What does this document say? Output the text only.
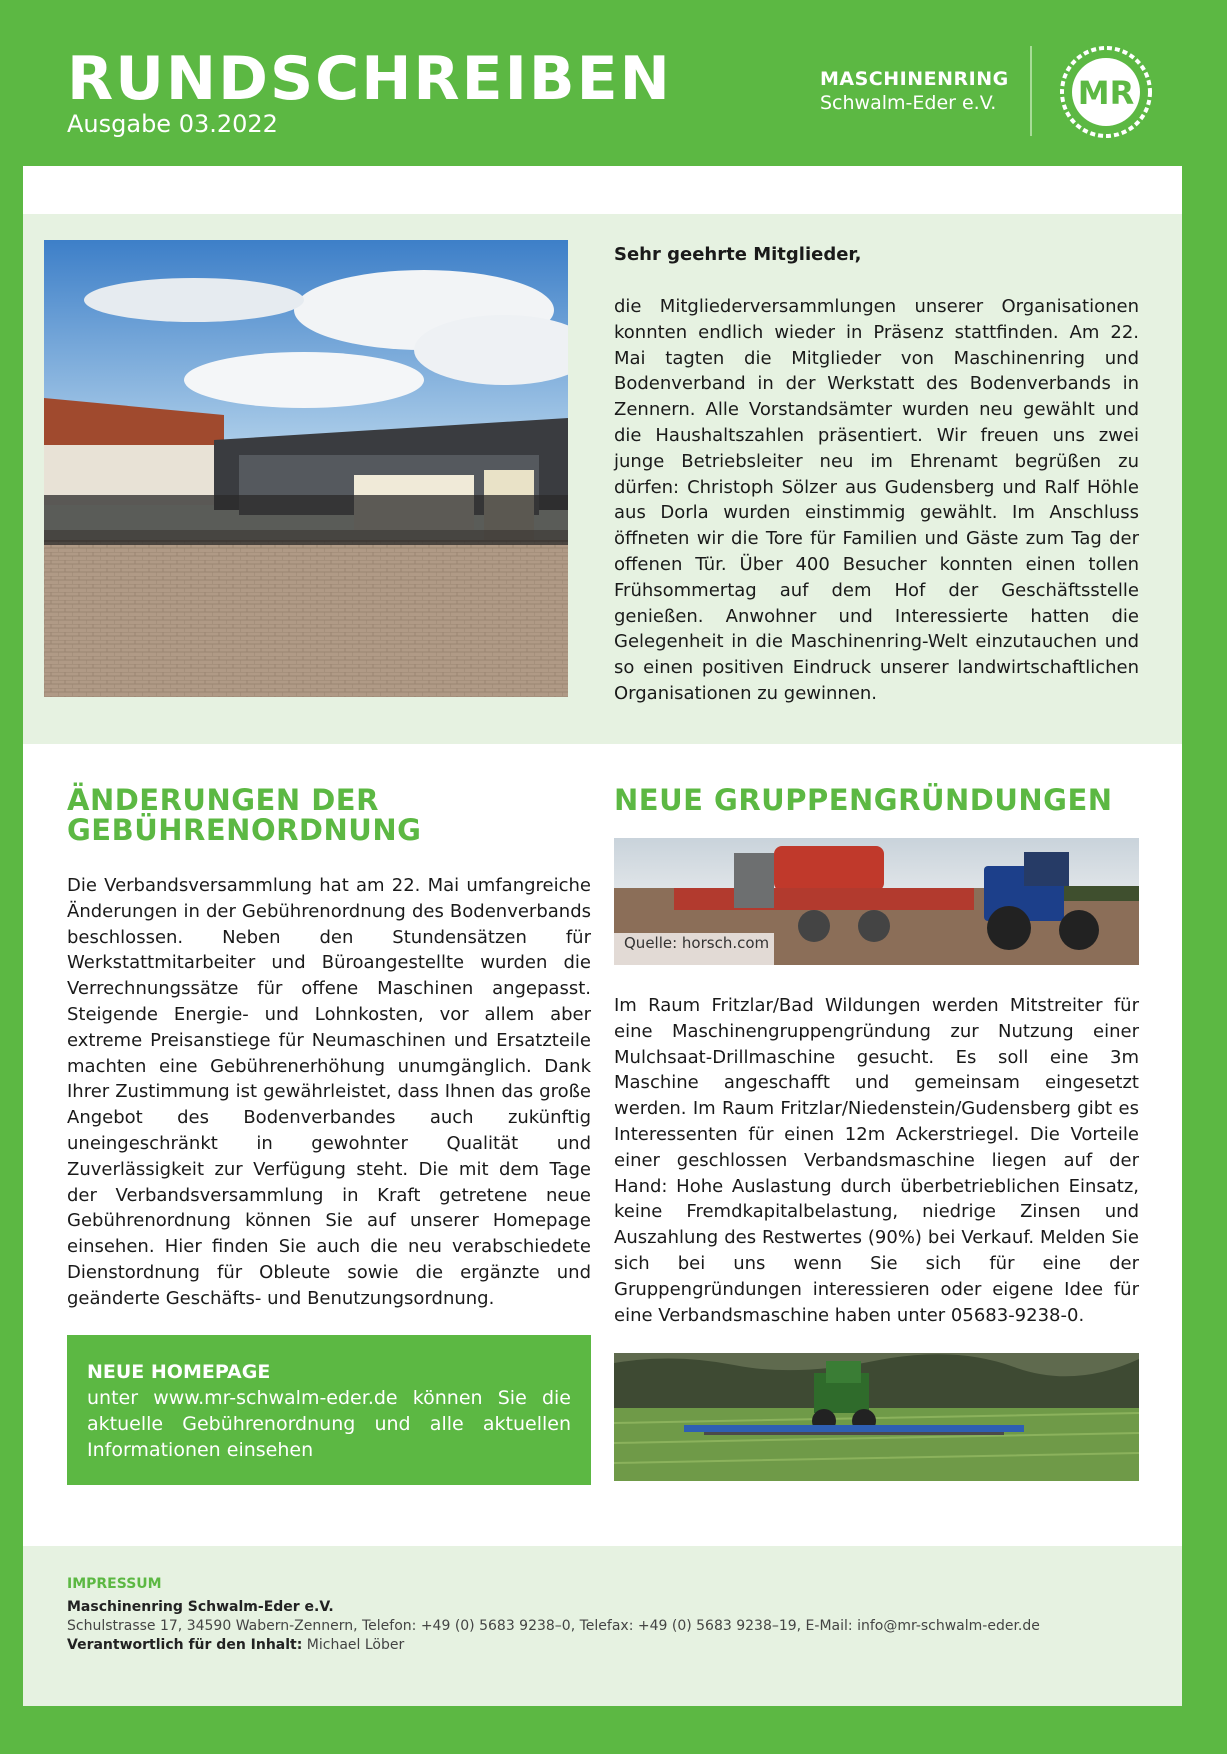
RUNDSCHREIBEN
Ausgabe 03.2022
MASCHINENRING
Schwalm-Eder e.V.	MR
Sehr geehrte Mitglieder,
die Mitgliederversammlungen unserer Organisationen konnten endlich wieder in Präsenz stattfinden. Am 22. Mai tagten die Mitglieder von Maschinenring und Bodenverband in der Werkstatt des Bodenverbands in Zennern. Alle Vorstandsämter wurden neu gewählt und die Haushaltszahlen präsentiert. Wir freuen uns zwei junge Betriebsleiter neu im Ehrenamt begrüßen zu dürfen: Christoph Sölzer aus Gudensberg und Ralf Höhle aus Dorla wurden einstimmig gewählt. Im Anschluss öffneten wir die Tore für Familien und Gäste zum Tag der offenen Tür. Über 400 Besucher konnten einen tollen Frühsommertag auf dem Hof der Geschäftsstelle genießen. Anwohner und Interessierte hatten die Gelegenheit in die Maschinenring-Welt einzutauchen und so einen positiven Eindruck unserer landwirtschaftlichen Organisationen zu gewinnen.
ÄNDERUNGEN DER
GEBÜHRENORDNUNG
Die Verbandsversammlung hat am 22. Mai umfangreiche Änderungen in der Gebührenordnung des Bodenverbands beschlossen. Neben den Stundensätzen für Werkstattmitarbeiter und Büroangestellte wurden die Verrechnungssätze für offene Maschinen angepasst. Steigende Energie- und Lohnkosten, vor allem aber extreme Preisanstiege für Neumaschinen und Ersatzteile machten eine Gebührenerhöhung unumgänglich. Dank Ihrer Zustimmung ist gewährleistet, dass Ihnen das große Angebot des Bodenverbandes auch zukünftig uneingeschränkt in gewohnter Qualität und Zuverlässigkeit zur Verfügung steht. Die mit dem Tage der Verbandsversammlung in Kraft getretene neue Gebührenordnung können Sie auf unserer Homepage einsehen. Hier finden Sie auch die neu verabschiedete Dienstordnung für Obleute sowie die ergänzte und geänderte Geschäfts- und Benutzungsordnung.
NEUE HOMEPAGE
unter www.mr-schwalm-eder.de können Sie die aktuelle Gebührenordnung und alle aktuellen Informationen einsehen
NEUE GRUPPENGRÜNDUNGEN
Quelle: horsch.com
Im Raum Fritzlar/Bad Wildungen werden Mitstreiter für eine Maschinengruppengründung zur Nutzung einer Mulchsaat-Drillmaschine gesucht. Es soll eine 3m Maschine angeschafft und gemeinsam eingesetzt werden. Im Raum Fritzlar/Niedenstein/Gudensberg gibt es Interessenten für einen 12m Ackerstriegel. Die Vorteile einer geschlossen Verbandsmaschine liegen auf der Hand: Hohe Auslastung durch überbetrieblichen Einsatz, keine Fremdkapitalbelastung, niedrige Zinsen und Auszahlung des Restwertes (90%) bei Verkauf. Melden Sie sich bei uns wenn Sie sich für eine der Gruppengründungen interessieren oder eigene Idee für eine Verbandsmaschine haben unter 05683-9238-0.
IMPRESSUM
Maschinenring Schwalm-Eder e.V.
Schulstrasse 17, 34590 Wabern-Zennern, Telefon: +49 (0) 5683 9238–0, Telefax: +49 (0) 5683 9238–19, E-Mail: info@mr-schwalm-eder.de
Verantwortlich für den Inhalt: Michael Löber
